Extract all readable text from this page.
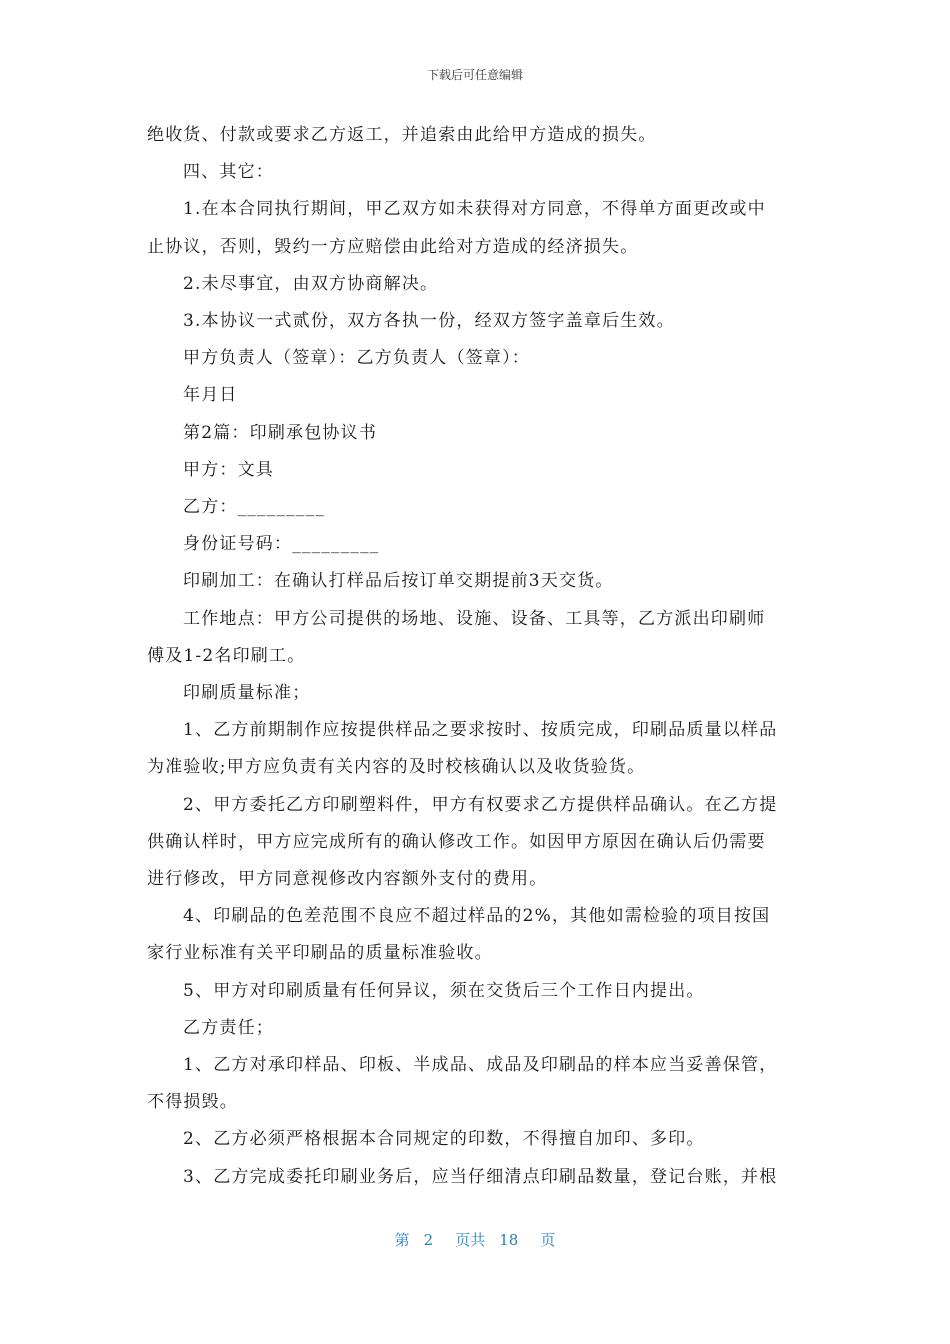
下载后可任意编辑

绝收货、付款或要求乙方返工，并追索由此给甲方造成的损失。

四、其它：

1.在本合同执行期间，甲乙双方如未获得对方同意，不得单方面更改或中

止协议，否则，毁约一方应赔偿由此给对方造成的经济损失。

2.未尽事宜，由双方协商解决。

3.本协议一式贰份，双方各执一份，经双方签字盖章后生效。

甲方负责人（签章）：乙方负责人（签章）：

年月日

第2篇：印刷承包协议书

甲方：文具

乙方：_________

身份证号码：_________

印刷加工：在确认打样品后按订单交期提前3天交货。

工作地点：甲方公司提供的场地、设施、设备、工具等，乙方派出印刷师

傅及1-2名印刷工。

印刷质量标准；

1、乙方前期制作应按提供样品之要求按时、按质完成，印刷品质量以样品

为准验收;甲方应负责有关内容的及时校核确认以及收货验货。

2、甲方委托乙方印刷塑料件，甲方有权要求乙方提供样品确认。在乙方提

供确认样时，甲方应完成所有的确认修改工作。如因甲方原因在确认后仍需要

进行修改，甲方同意视修改内容额外支付的费用。

4、印刷品的色差范围不良应不超过样品的2%，其他如需检验的项目按国

家行业标准有关平印刷品的质量标准验收。

5、甲方对印刷质量有任何异议，须在交货后三个工作日内提出。

乙方责任；

1、乙方对承印样品、印板、半成品、成品及印刷品的样本应当妥善保管，

不得损毁。

2、乙方必须严格根据本合同规定的印数，不得擅自加印、多印。

3、乙方完成委托印刷业务后，应当仔细清点印刷品数量，登记台账，并根

第 2 页共 18 页
